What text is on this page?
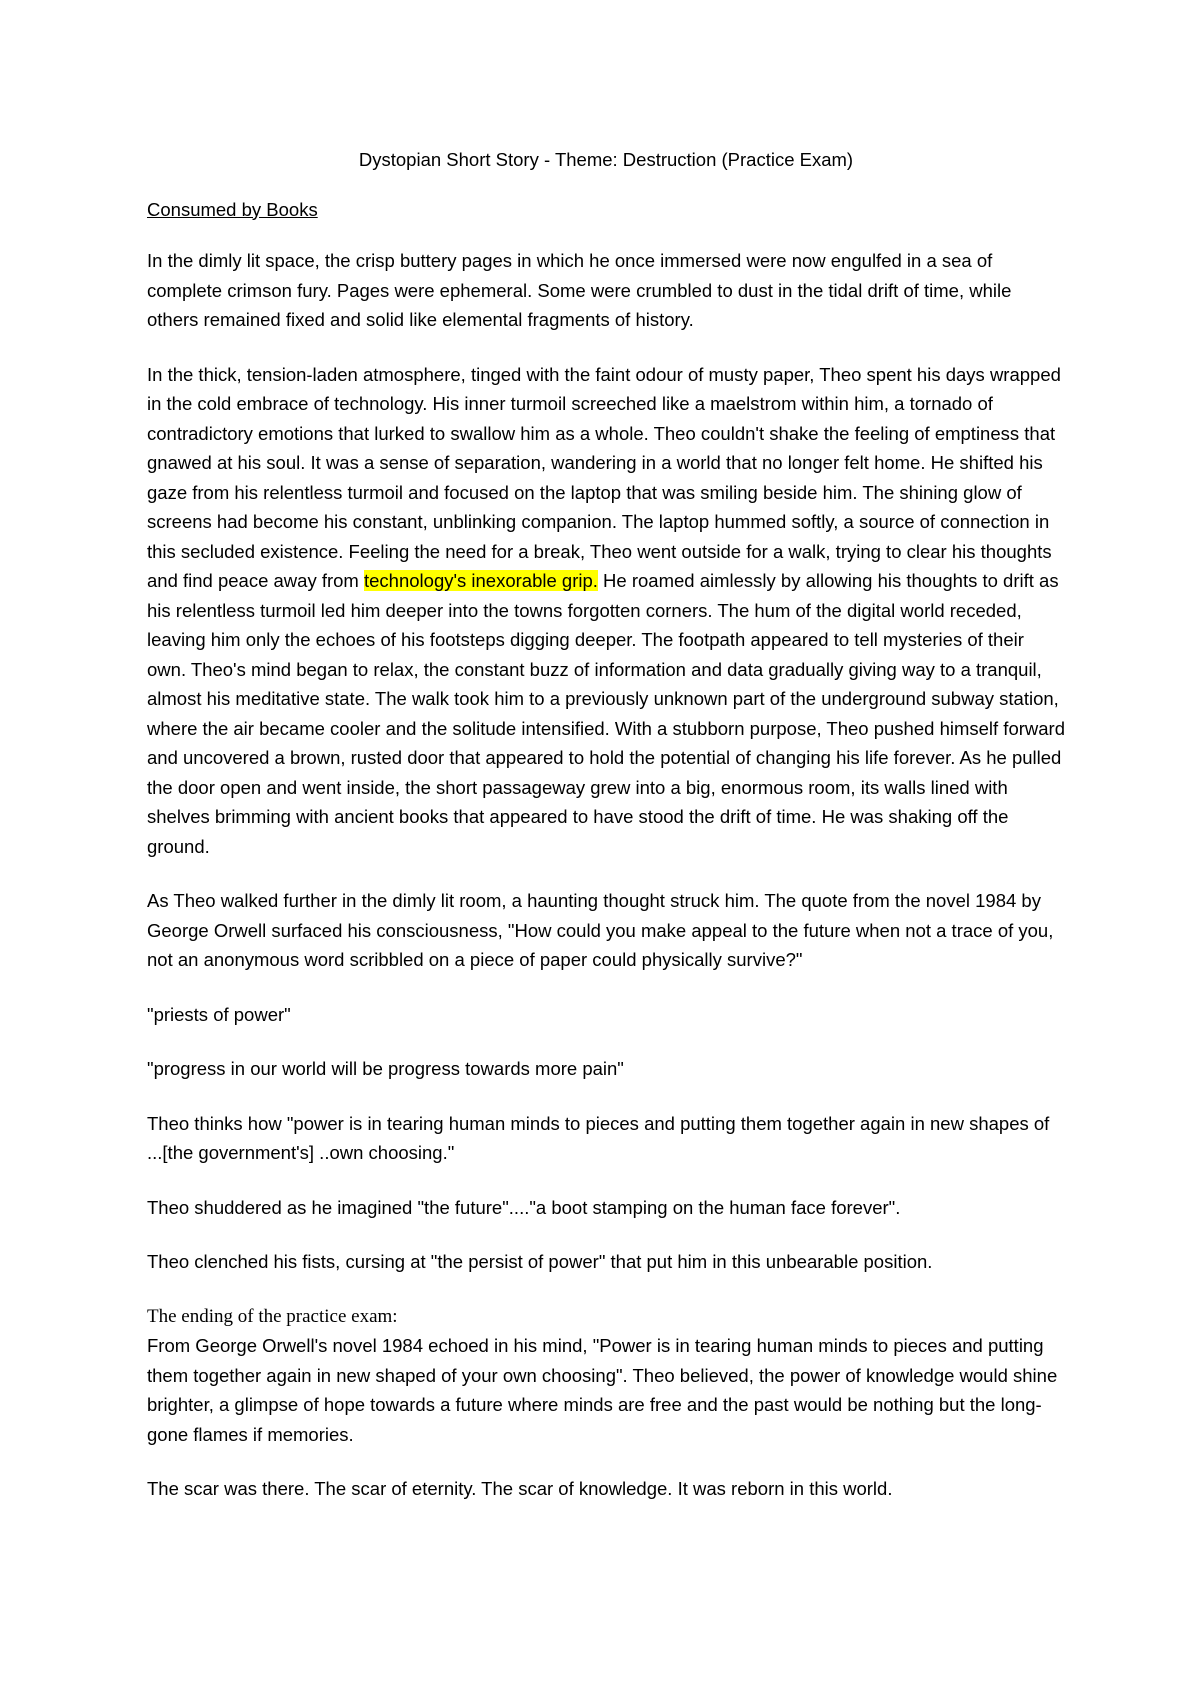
Dystopian Short Story - Theme: Destruction (Practice Exam)

Consumed by Books

In the dimly lit space, the crisp buttery pages in which he once immersed were now engulfed in a sea of complete crimson fury. Pages were ephemeral. Some were crumbled to dust in the tidal drift of time, while others remained fixed and solid like elemental fragments of history.

In the thick, tension-laden atmosphere, tinged with the faint odour of musty paper, Theo spent his days wrapped in the cold embrace of technology. His inner turmoil screeched like a maelstrom within him, a tornado of contradictory emotions that lurked to swallow him as a whole. Theo couldn't shake the feeling of emptiness that gnawed at his soul. It was a sense of separation, wandering in a world that no longer felt home. He shifted his gaze from his relentless turmoil and focused on the laptop that was smiling beside him. The shining glow of screens had become his constant, unblinking companion. The laptop hummed softly, a source of connection in this secluded existence. Feeling the need for a break, Theo went outside for a walk, trying to clear his thoughts and find peace away from technology's inexorable grip. He roamed aimlessly by allowing his thoughts to drift as his relentless turmoil led him deeper into the towns forgotten corners. The hum of the digital world receded, leaving him only the echoes of his footsteps digging deeper. The footpath appeared to tell mysteries of their own. Theo's mind began to relax, the constant buzz of information and data gradually giving way to a tranquil, almost his meditative state. The walk took him to a previously unknown part of the underground subway station, where the air became cooler and the solitude intensified. With a stubborn purpose, Theo pushed himself forward and uncovered a brown, rusted door that appeared to hold the potential of changing his life forever. As he pulled the door open and went inside, the short passageway grew into a big, enormous room, its walls lined with shelves brimming with ancient books that appeared to have stood the drift of time. He was shaking off the ground.

As Theo walked further in the dimly lit room, a haunting thought struck him. The quote from the novel 1984 by George Orwell surfaced his consciousness, "How could you make appeal to the future when not a trace of you, not an anonymous word scribbled on a piece of paper could physically survive?"

"priests of power"

"progress in our world will be progress towards more pain"

Theo thinks how "power is in tearing human minds to pieces and putting them together again in new shapes of ...[the government's] ..own choosing."

Theo shuddered as he imagined "the future"...."a boot stamping on the human face forever".

Theo clenched his fists, cursing at "the persist of power" that put him in this unbearable position.

The ending of the practice exam:

From George Orwell's novel 1984 echoed in his mind, "Power is in tearing human minds to pieces and putting them together again in new shaped of your own choosing". Theo believed, the power of knowledge would shine brighter, a glimpse of hope towards a future where minds are free and the past would be nothing but the long-gone flames if memories.

The scar was there. The scar of eternity. The scar of knowledge. It was reborn in this world.
